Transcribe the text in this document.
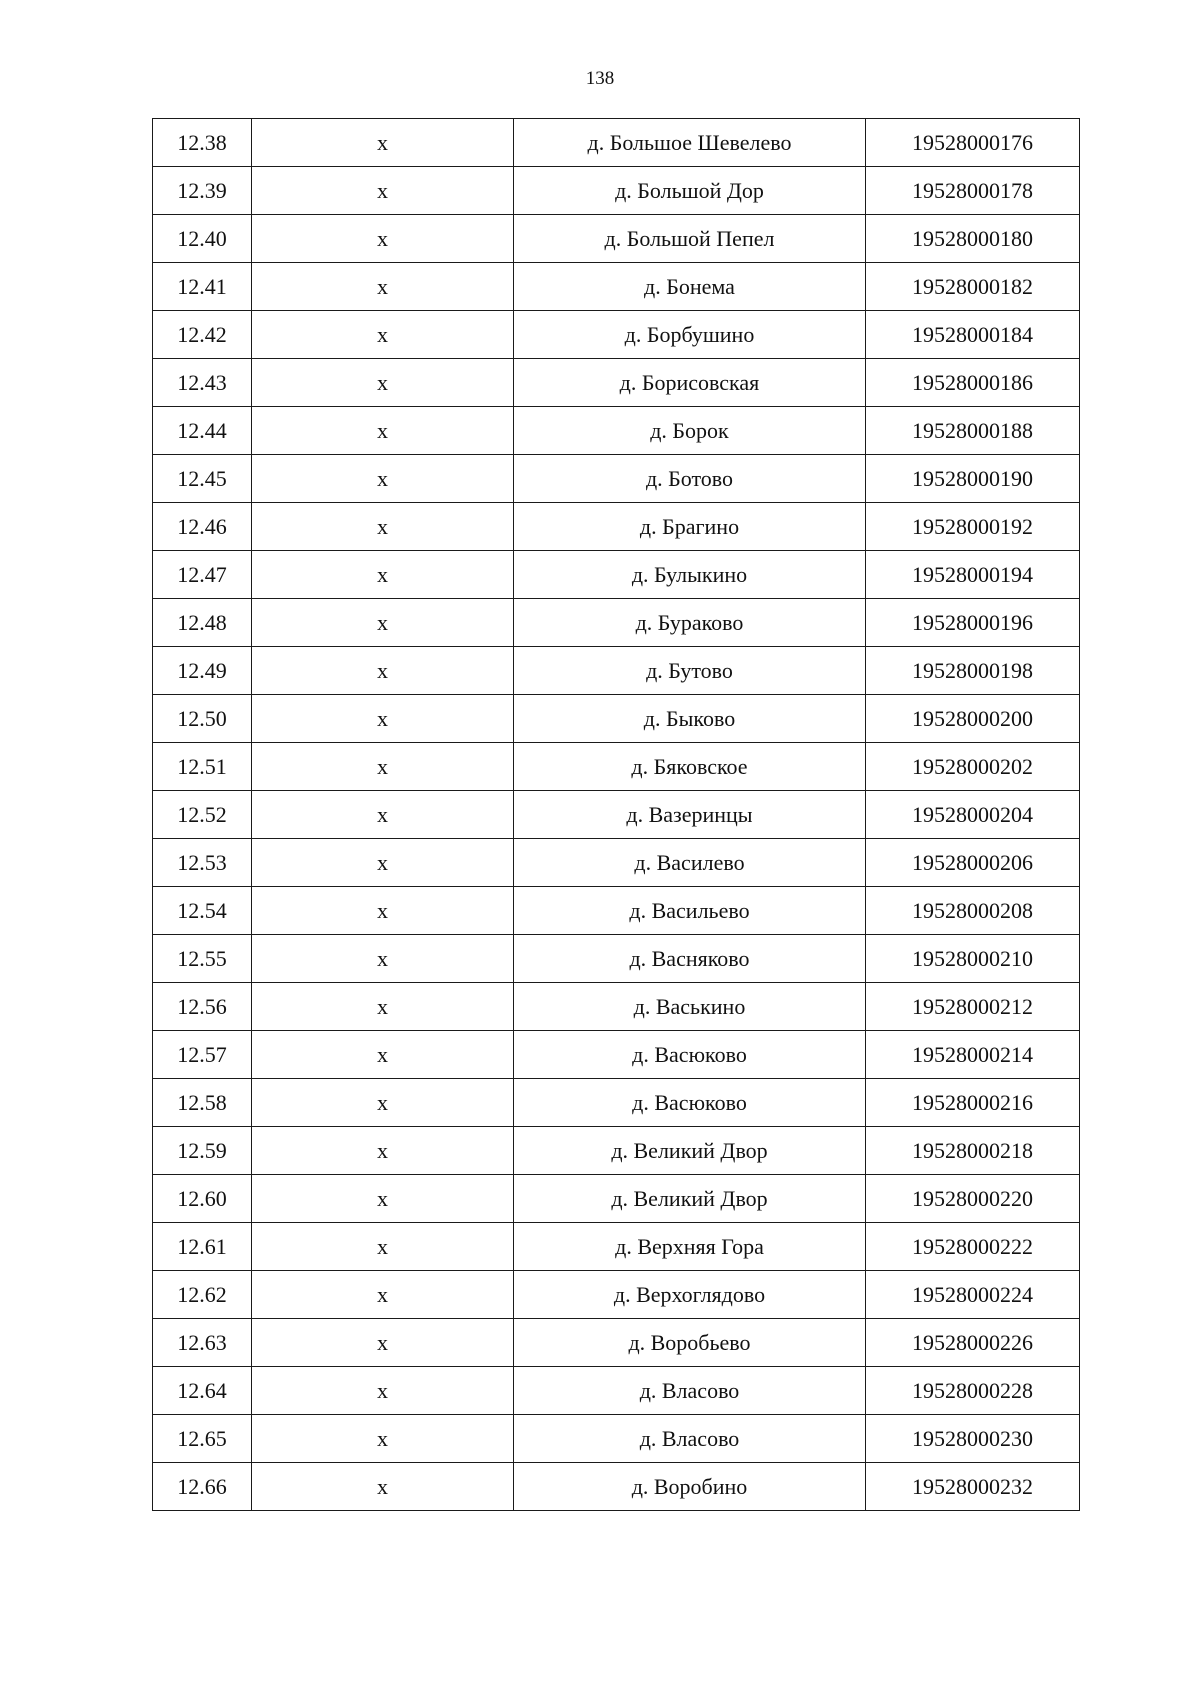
138
12.38	х	д. Большое Шевелево	19528000176
12.39	х	д. Большой Дор	19528000178
12.40	х	д. Большой Пепел	19528000180
12.41	х	д. Бонема	19528000182
12.42	х	д. Борбушино	19528000184
12.43	х	д. Борисовская	19528000186
12.44	х	д. Борок	19528000188
12.45	х	д. Ботово	19528000190
12.46	х	д. Брагино	19528000192
12.47	х	д. Булыкино	19528000194
12.48	х	д. Бураково	19528000196
12.49	х	д. Бутово	19528000198
12.50	х	д. Быково	19528000200
12.51	х	д. Бяковское	19528000202
12.52	х	д. Вазеринцы	19528000204
12.53	х	д. Василево	19528000206
12.54	х	д. Васильево	19528000208
12.55	х	д. Васняково	19528000210
12.56	х	д. Васькино	19528000212
12.57	х	д. Васюково	19528000214
12.58	х	д. Васюково	19528000216
12.59	х	д. Великий Двор	19528000218
12.60	х	д. Великий Двор	19528000220
12.61	х	д. Верхняя Гора	19528000222
12.62	х	д. Верхоглядово	19528000224
12.63	х	д. Воробьево	19528000226
12.64	х	д. Власово	19528000228
12.65	х	д. Власово	19528000230
12.66	х	д. Воробино	19528000232
